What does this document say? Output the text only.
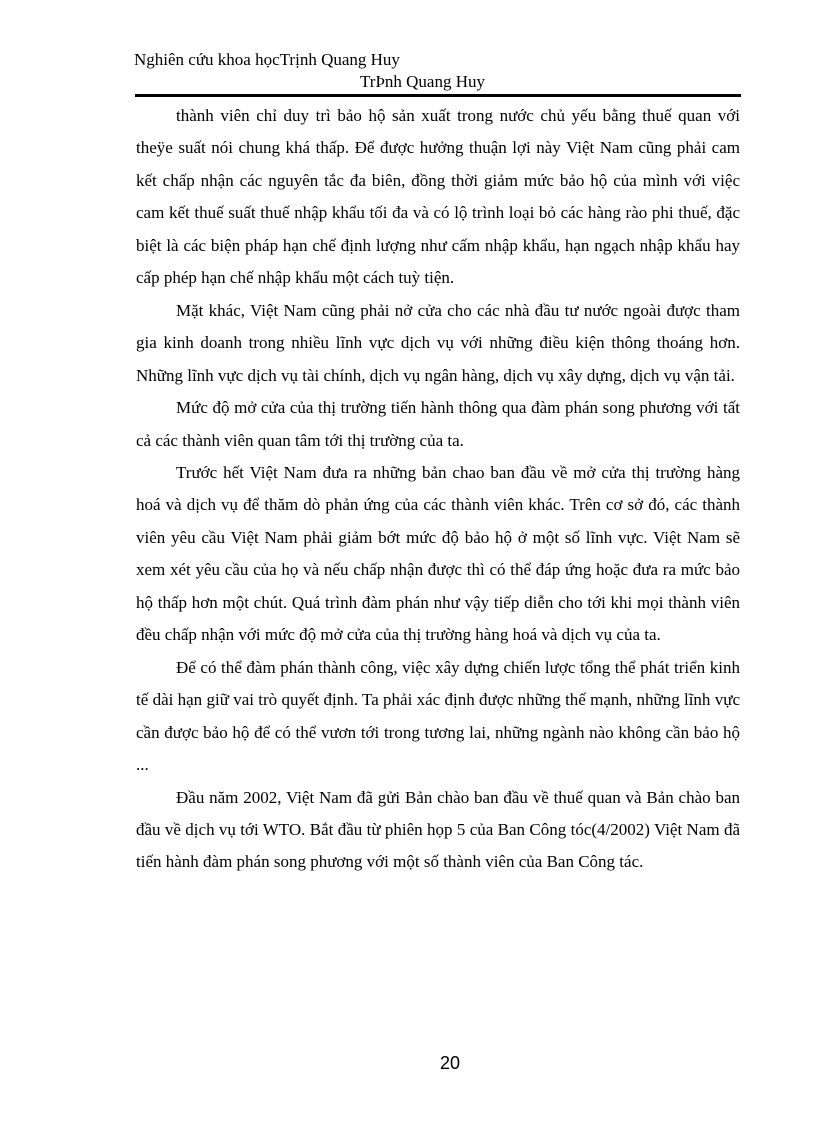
Nghiên cứu khoa họcTrịnh Quang Huy
TrÞnh Quang Huy

thành viên chỉ duy trì bảo hộ sản xuất trong nước chủ yếu bằng thuế quan với theÿe suất nói chung khá thấp. Để được hưởng thuận lợi này Việt Nam cũng phải cam kết chấp nhận các nguyên tắc đa biên, đồng thời giảm mức bảo hộ của mình với việc cam kết thuế suất thuế nhập khẩu tối đa và có lộ trình loại bỏ các hàng rào phi thuế, đặc biệt là các biện pháp hạn chế định lượng như cấm nhập khẩu, hạn ngạch nhập khẩu hay cấp phép hạn chế nhập khẩu một cách tuỳ tiện.

Mặt khác, Việt Nam cũng phải nở cửa cho các nhà đầu tư nước ngoài được tham gia kinh doanh trong nhiều lĩnh vực dịch vụ với những điều kiện thông thoáng hơn. Những lĩnh vực dịch vụ tài chính, dịch vụ ngân hàng, dịch vụ xây dựng, dịch vụ vận tải.

Mức độ mở cửa của thị trường tiến hành thông qua đàm phán song phương với tất cả các thành viên quan tâm tới thị trường của ta.

Trước hết Việt Nam đưa ra những bản chao ban đầu về mở cửa thị trường hàng hoá và dịch vụ để thăm dò phản ứng của các thành viên khác. Trên cơ sở đó, các thành viên yêu cầu Việt Nam phải giảm bớt mức độ bảo hộ ở một số lĩnh vực. Việt Nam sẽ xem xét yêu cầu của họ và nếu chấp nhận được thì có thể đáp ứng hoặc đưa ra mức bảo hộ thấp hơn một chút. Quá trình đàm phán như vậy tiếp diễn cho tới khi mọi thành viên đều chấp nhận với mức độ mở cửa của thị trường hàng hoá và dịch vụ của ta.

Để có thể đàm phán thành công, việc xây dựng chiến lược tổng thể phát triển kinh tế dài hạn giữ vai trò quyết định. Ta phải xác định được những thế mạnh, những lĩnh vực cần được bảo hộ để có thể vươn tới trong tương lai, những ngành nào không cần bảo hộ ...

Đầu năm 2002, Việt Nam đã gửi Bản chào ban đầu về thuế quan và Bản chào ban đầu về dịch vụ tới WTO. Bắt đầu từ phiên họp 5 của Ban Công tóc(4/2002) Việt Nam đã tiến hành đàm phán song phương với một số thành viên của Ban Công tác.

20
